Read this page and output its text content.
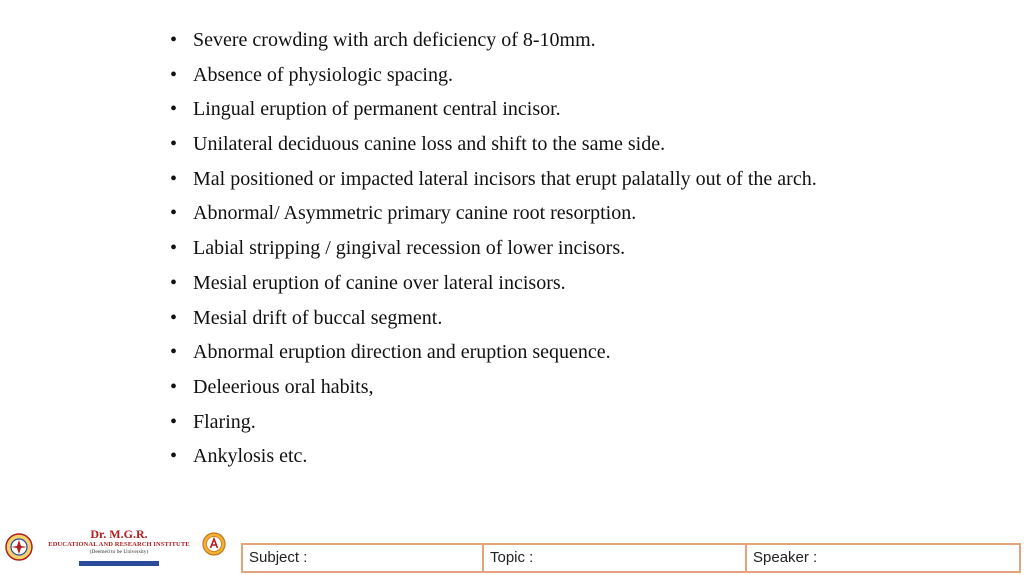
• Severe crowding with arch deficiency of 8-10mm.
• Absence of physiologic spacing.
• Lingual eruption of permanent central incisor.
• Unilateral deciduous canine loss and shift to the same side.
• Mal positioned or impacted lateral incisors that erupt palatally out of the arch.
• Abnormal/ Asymmetric primary canine root resorption.
• Labial stripping / gingival recession of lower incisors.
• Mesial eruption of canine over lateral incisors.
• Mesial drift of buccal segment.
• Abnormal eruption direction and eruption sequence.
• Deleerious oral habits,
• Flaring.
• Ankylosis etc.
Dr. M.G.R.
EDUCATIONAL AND RESEARCH INSTITUTE
(Deemed to be University)
	Subject :	Topic :	Speaker :
